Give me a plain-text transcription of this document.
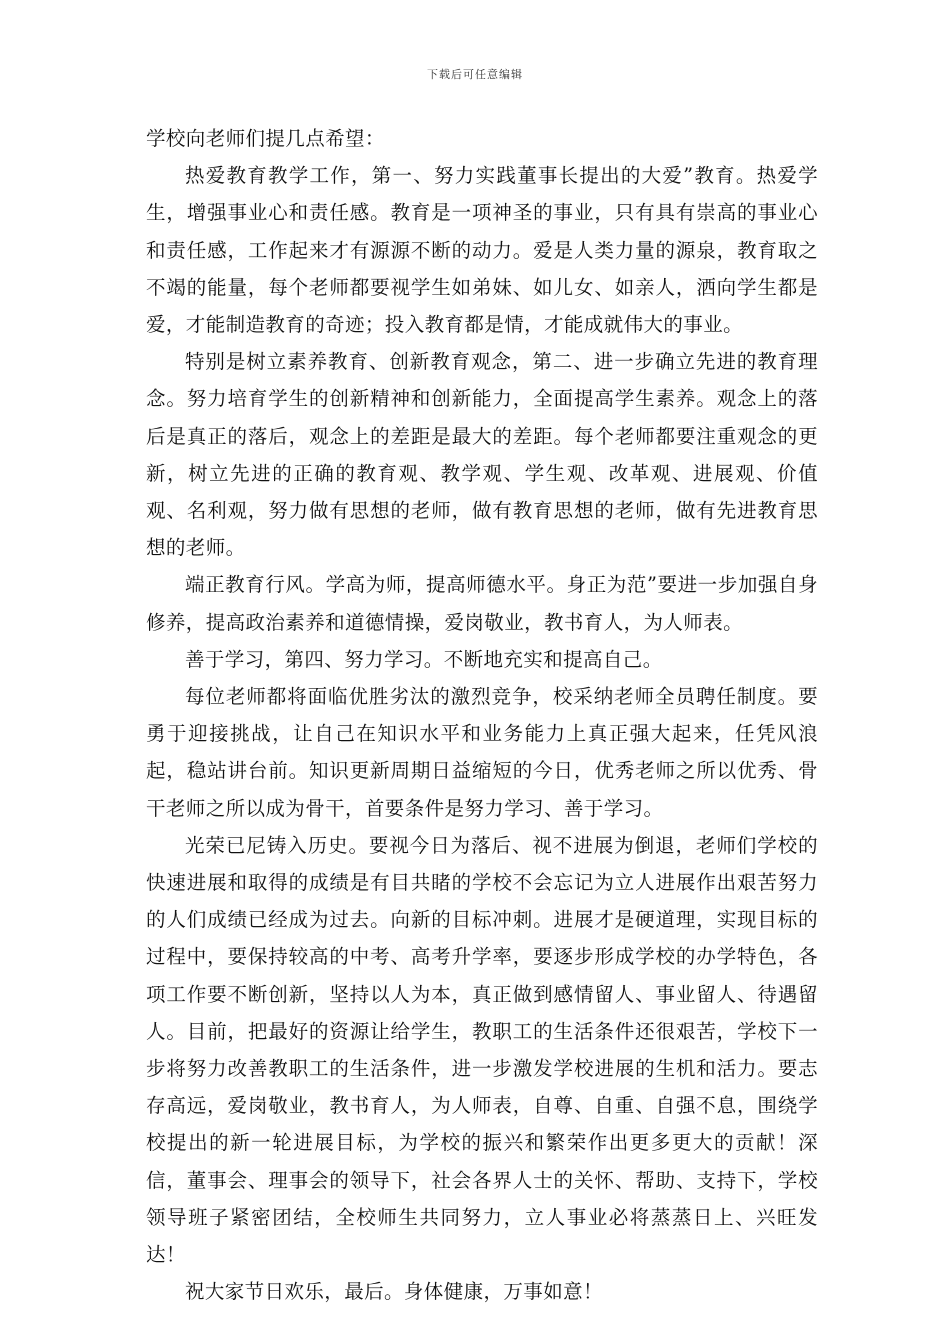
下载后可任意编辑

学校向老师们提几点希望：

热爱教育教学工作，第一、努力实践董事长提出的大爱”教育。热爱学生，增强事业心和责任感。教育是一项神圣的事业，只有具有崇高的事业心和责任感，工作起来才有源源不断的动力。爱是人类力量的源泉，教育取之不竭的能量，每个老师都要视学生如弟妹、如儿女、如亲人，洒向学生都是爱，才能制造教育的奇迹；投入教育都是情，才能成就伟大的事业。

特别是树立素养教育、创新教育观念，第二、进一步确立先进的教育理念。努力培育学生的创新精神和创新能力，全面提高学生素养。观念上的落后是真正的落后，观念上的差距是最大的差距。每个老师都要注重观念的更新，树立先进的正确的教育观、教学观、学生观、改革观、进展观、价值观、名利观，努力做有思想的老师，做有教育思想的老师，做有先进教育思想的老师。

端正教育行风。学高为师，提高师德水平。身正为范”要进一步加强自身修养，提高政治素养和道德情操，爱岗敬业，教书育人，为人师表。

善于学习，第四、努力学习。不断地充实和提高自己。

每位老师都将面临优胜劣汰的激烈竞争，校采纳老师全员聘任制度。要勇于迎接挑战，让自己在知识水平和业务能力上真正强大起来，任凭风浪起，稳站讲台前。知识更新周期日益缩短的今日，优秀老师之所以优秀、骨干老师之所以成为骨干，首要条件是努力学习、善于学习。

光荣已尼铸入历史。要视今日为落后、视不进展为倒退，老师们学校的快速进展和取得的成绩是有目共睹的学校不会忘记为立人进展作出艰苦努力的人们成绩已经成为过去。向新的目标冲刺。进展才是硬道理，实现目标的过程中，要保持较高的中考、高考升学率，要逐步形成学校的办学特色，各项工作要不断创新，坚持以人为本，真正做到感情留人、事业留人、待遇留人。目前，把最好的资源让给学生，教职工的生活条件还很艰苦，学校下一步将努力改善教职工的生活条件，进一步激发学校进展的生机和活力。要志存高远，爱岗敬业，教书育人，为人师表，自尊、自重、自强不息，围绕学校提出的新一轮进展目标，为学校的振兴和繁荣作出更多更大的贡献！深信，董事会、理事会的领导下，社会各界人士的关怀、帮助、支持下，学校领导班子紧密团结，全校师生共同努力，立人事业必将蒸蒸日上、兴旺发达！

祝大家节日欢乐，最后。身体健康，万事如意！
